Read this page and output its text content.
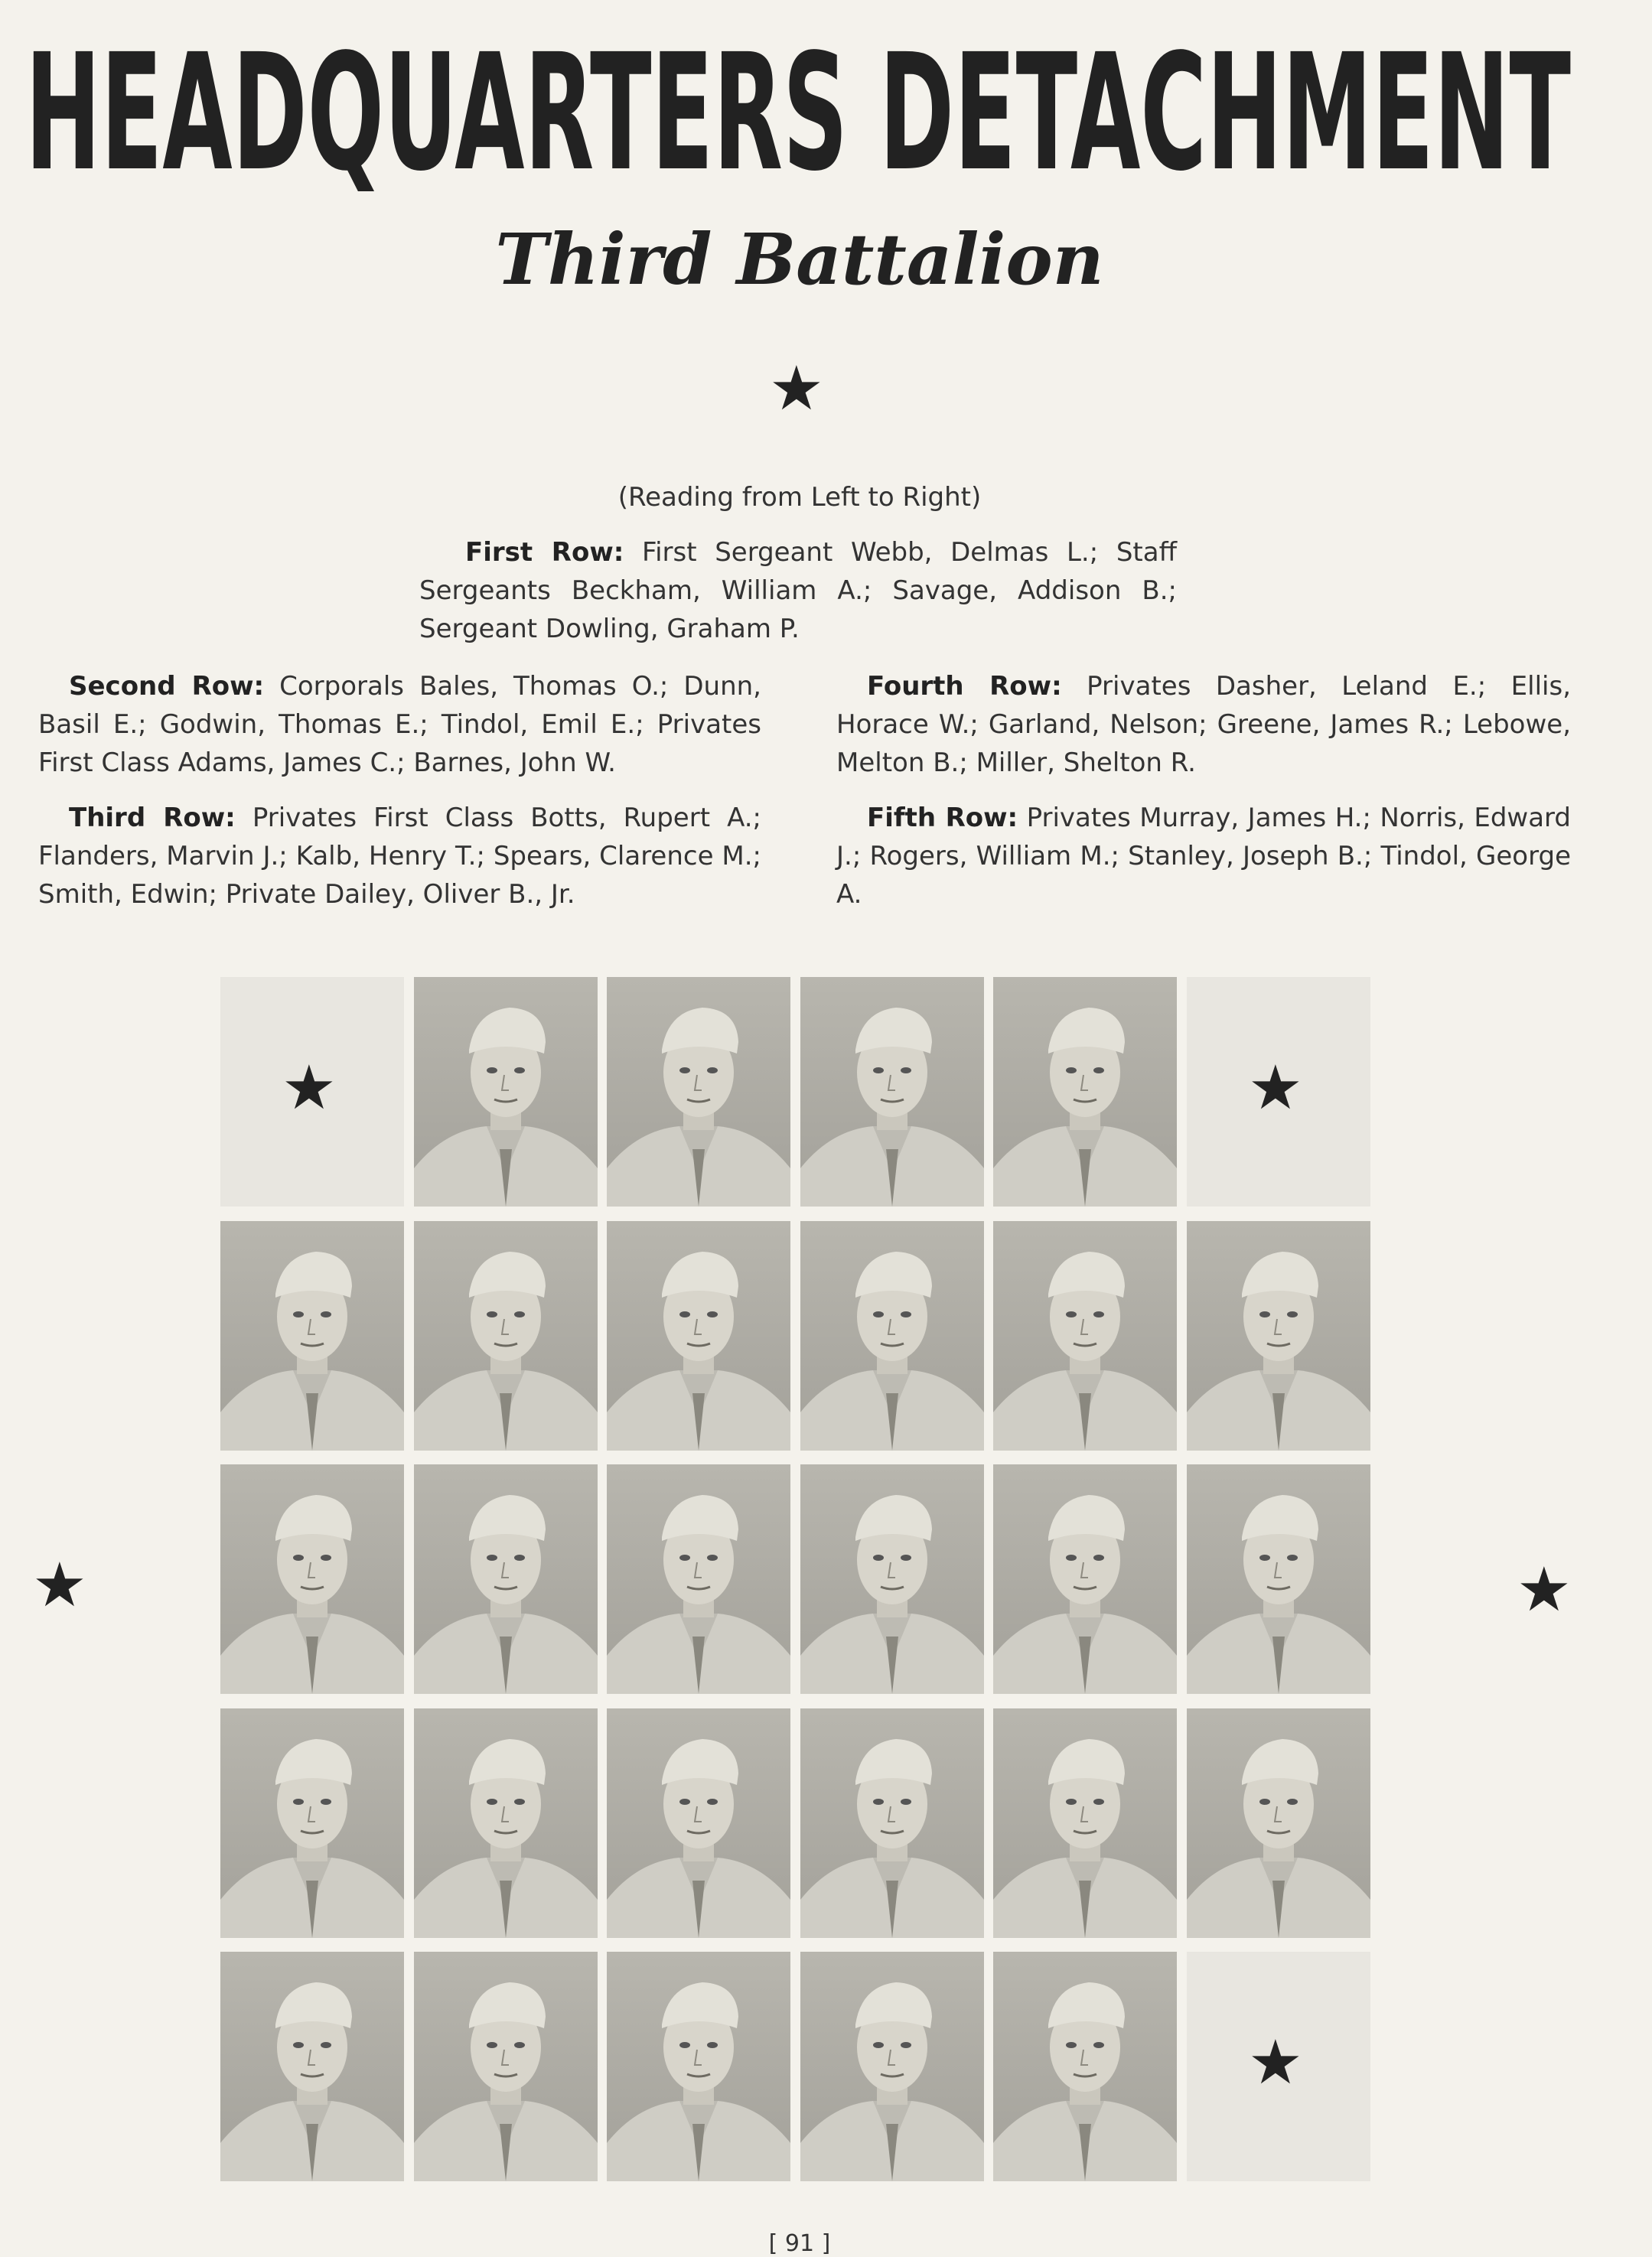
HEADQUARTERS DETACHMENT
Third Battalion
★
(Reading from Left to Right)
First Row: First Sergeant Webb, Delmas L.; Staff Sergeants Beckham, William A.; Savage, Addison B.; Sergeant Dowling, Graham P.
Second Row: Corporals Bales, Thomas O.; Dunn, Basil E.; Godwin, Thomas E.; Tindol, Emil E.; Privates First Class Adams, James C.; Barnes, John W.
Third Row: Privates First Class Botts, Rupert A.; Flanders, Marvin J.; Kalb, Henry T.; Spears, Clarence M.; Smith, Edwin; Private Dailey, Oliver B., Jr.
Fourth Row: Privates Dasher, Leland E.; Ellis, Horace W.; Garland, Nelson; Greene, James R.; Lebowe, Melton B.; Miller, Shelton R.
Fifth Row: Privates Murray, James H.; Norris, Edward J.; Rogers, William M.; Stanley, Joseph B.; Tindol, George A.
★	★
★	★
★
[ 91 ]
